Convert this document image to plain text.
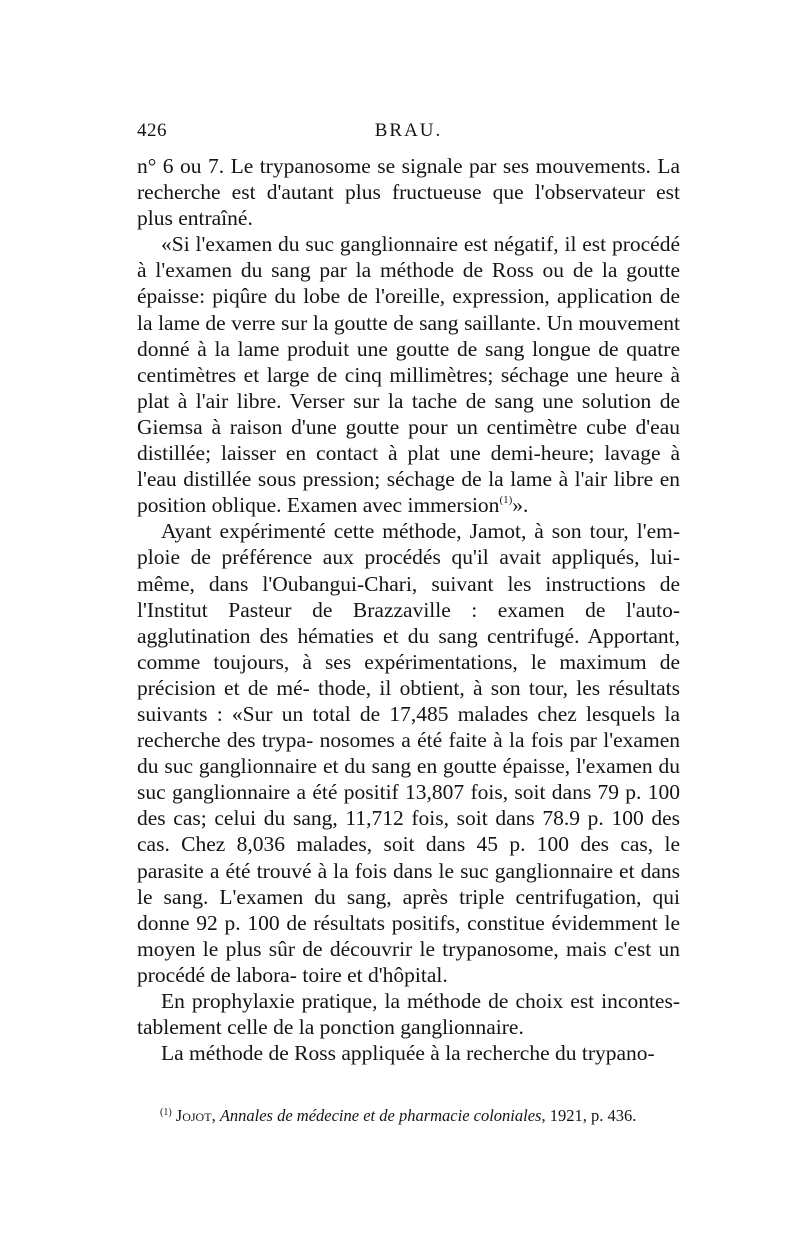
426	BRAU.

n° 6 ou 7. Le trypanosome se signale par ses mouvements. La recherche est d'autant plus fructueuse que l'observateur est plus entraîné.

«Si l'examen du suc ganglionnaire est négatif, il est procédé à l'examen du sang par la méthode de Ross ou de la goutte épaisse: piqûre du lobe de l'oreille, expression, application de la lame de verre sur la goutte de sang saillante. Un mouvement donné à la lame produit une goutte de sang longue de quatre centimètres et large de cinq millimètres; séchage une heure à plat à l'air libre. Verser sur la tache de sang une solution de Giemsa à raison d'une goutte pour un centimètre cube d'eau distillée; laisser en contact à plat une demi-heure; lavage à l'eau distillée sous pression; séchage de la lame à l'air libre en position oblique. Examen avec immersion$^{(1)}$».

Ayant expérimenté cette méthode, Jamot, à son tour, l'em- ploie de préférence aux procédés qu'il avait appliqués, lui- même, dans l'Oubangui-Chari, suivant les instructions de l'Institut Pasteur de Brazzaville : examen de l'auto-agglutination des hématies et du sang centrifugé. Apportant, comme toujours, à ses expérimentations, le maximum de précision et de mé- thode, il obtient, à son tour, les résultats suivants : «Sur un total de 17,485 malades chez lesquels la recherche des trypa- nosomes a été faite à la fois par l'examen du suc ganglionnaire et du sang en goutte épaisse, l'examen du suc ganglionnaire a été positif 13,807 fois, soit dans 79 p. 100 des cas; celui du sang, 11,712 fois, soit dans 78.9 p. 100 des cas. Chez 8,036 malades, soit dans 45 p. 100 des cas, le parasite a été trouvé à la fois dans le suc ganglionnaire et dans le sang. L'examen du sang, après triple centrifugation, qui donne 92 p. 100 de résultats positifs, constitue évidemment le moyen le plus sûr de découvrir le trypanosome, mais c'est un procédé de labora- toire et d'hôpital.

En prophylaxie pratique, la méthode de choix est incontes- tablement celle de la ponction ganglionnaire.

La méthode de Ross appliquée à la recherche du trypano-

$^{(1)}$ Jojot, Annales de médecine et de pharmacie coloniales, 1921, p. 436.
